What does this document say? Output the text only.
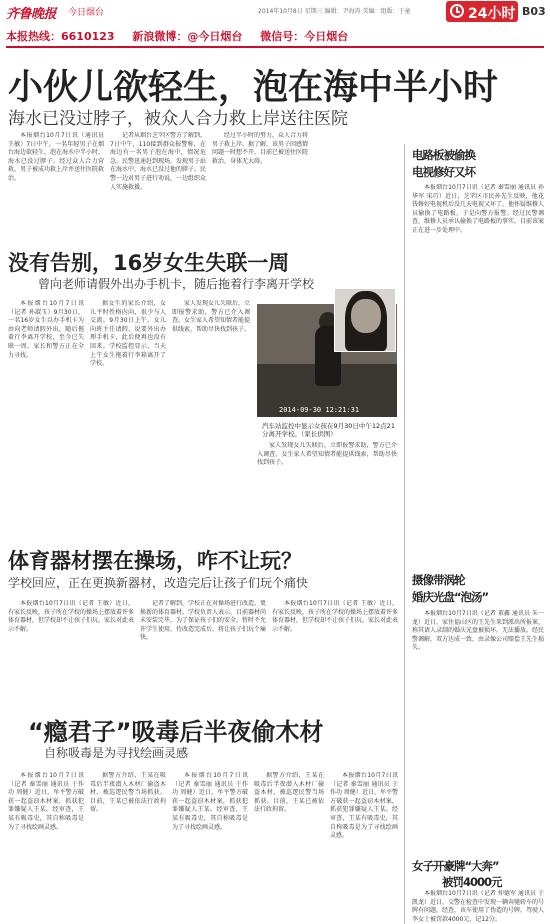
齐鲁晚报 今日烟台	2014年10月8日 星期三 编辑：尹海涛 美编：组版：于童	24小时 B03
本报热线：6610123 新浪微博：@今日烟台 微信号：今日烟台
小伙儿欲轻生，泡在海中半小时
海水已没过脖子，被众人合力救上岸送往医院
本报烟台10月7日讯（通讯员 王敏）7日中午，一名年轻男子在烟台海边欲轻生，泡在海水中半小时，海水已没过脖子。经过众人合力营救，男子被成功救上岸并送往医院救治。
记者从烟台芝罘区警方了解到，7日中午，110接到群众报警称，在海边有一名男子泡在海中，情况危急。民警迅速赶到现场，发现男子站在海水中，海水已没过他的脖子。民警一边对男子进行劝说，一边组织众人实施救援。
经过半小时的努力，众人合力将男子救上岸。据了解，该男子因感情问题一时想不开，目前已被送往医院救治，身体无大碍。	电路板被偷换
电视修好又坏
本报烟台10月7日讯（记者 秦雪丽 通讯员 孙华军 宋巧）近日，芝罘区市民孙先生反映，他花钱修好电视机后没几天电视又坏了。他怀疑维修人员偷换了电路板，于是向警方报警。经过民警调查，维修人员承认偷换了电路板的事实，目前该案正在进一步处理中。
没有告别，16岁女生失联一周
曾向老师请假外出办手机卡，随后拖着行李离开学校
本报烟台10月7日讯（记者 孙淑玉）9月30日，一名16岁女生以办手机卡为由向老师请假外出，随后拖着行李离开学校，至今已失联一周。家长和警方正在全力寻找。
据女生的家长介绍，女儿平时性格内向，很少与人交流。9月30日上午，女儿向班主任请假，说要外出办理手机卡，此后便再也没有回来。学校监控显示，当天上午女生拖着行李箱离开了学校。
家人发现女儿失联后，立即报警求助，警方已介入调查。女生家人希望知情者能提供线索，帮助尽快找到孩子。
2014-09-30 12:21:31
汽车站监控中显示女孩在9月30日中午12点21分离开学校。（家长供图）
家人发现女儿失联后，立即报警求助，警方已介入调查。女生家人希望知情者能提供线索，帮助尽快找到孩子。
摄像带涡轮
婚庆光盘“泡汤”
本报烟台10月7日讯（记者 董鑫 通讯员 朱一龙）近日，家住福山区的王先生来到派出所报案，称其请人录制的婚庆光盘被损坏，无法播放。经民警调解，双方达成一致，由录像公司赔偿王先生损失。
体育器材摆在操场，咋不让玩？
学校回应，正在更换新器材，改造完后让孩子们玩个痛快
本报烟台10月7日讯（记者 王敏）近日，有家长反映，孩子所在学校的操场上摆放着许多体育器材，但学校却不让孩子们玩。家长对此表示不解。
记者了解到，学校正在对操场进行改造，更换新的体育器材。学校负责人表示，目前器材尚未安装完毕，为了保证孩子们的安全，暂时不允许学生使用，待改造完成后，将让孩子们玩个痛快。
本报烟台10月7日讯（记者 王敏）近日，有家长反映，孩子所在学校的操场上摆放着许多体育器材，但学校却不让孩子们玩。家长对此表示不解。
“瘾君子”吸毒后半夜偷木材
自称吸毒是为寻找绘画灵感
本报烟台10月7日讯（记者 秦雪丽 通讯员 于作功 周健）近日，牟平警方破获一起盗窃木材案，抓获犯罪嫌疑人王某。经审查，王某有吸毒史，其自称吸毒是为了寻找绘画灵感。
据警方介绍，王某在吸毒后半夜潜入木材厂偷盗木材，被巡逻民警当场抓获。目前，王某已被依法行政拘留。
本报烟台10月7日讯（记者 秦雪丽 通讯员 于作功 周健）近日，牟平警方破获一起盗窃木材案，抓获犯罪嫌疑人王某。经审查，王某有吸毒史，其自称吸毒是为了寻找绘画灵感。
据警方介绍，王某在吸毒后半夜潜入木材厂偷盗木材，被巡逻民警当场抓获。目前，王某已被依法行政拘留。
本报烟台10月7日讯（记者 秦雪丽 通讯员 于作功 周健）近日，牟平警方破获一起盗窃木材案，抓获犯罪嫌疑人王某。经审查，王某有吸毒史，其自称吸毒是为了寻找绘画灵感。
女子开豪牌“大奔”
被罚4000元
本报烟台10月7日讯（记者 仲德军 通讯员 于凯龙）近日，交警在检查中发现一辆奔驰轿车的号牌有问题，经查，该车使用了伪造的号牌。驾驶人李女士被罚款4000元，记12分。
